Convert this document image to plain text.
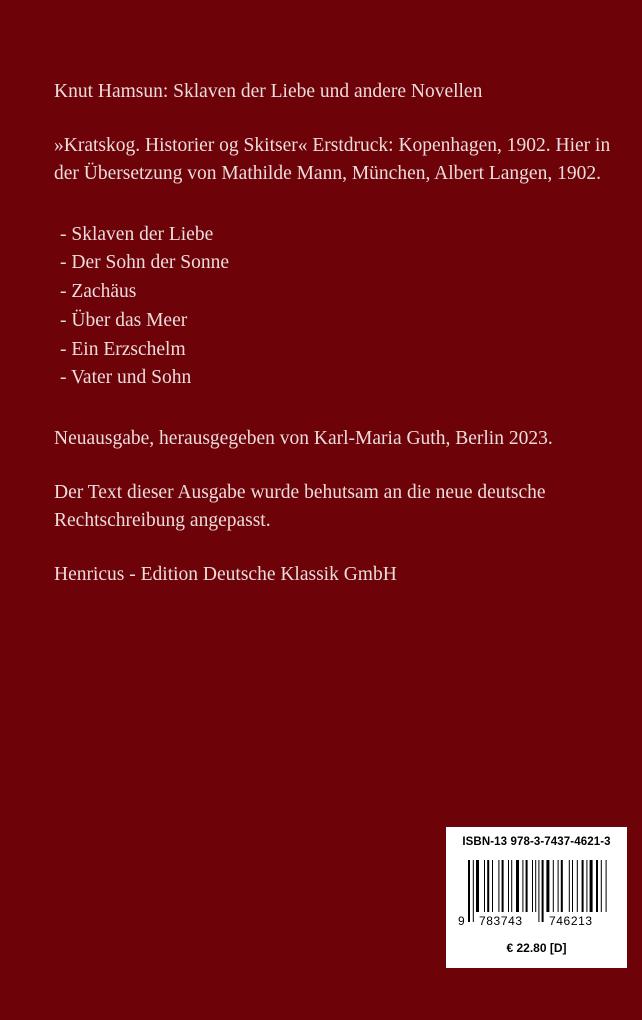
Knut Hamsun: Sklaven der Liebe und andere Novellen

»Kratskog. Historier og Skitser« Erstdruck: Kopenhagen, 1902. Hier in der Übersetzung von Mathilde Mann, München, Albert Langen, 1902.

- Sklaven der Liebe
- Der Sohn der Sonne
- Zachäus
- Über das Meer
- Ein Erzschelm
- Vater und Sohn

Neuausgabe, herausgegeben von Karl-Maria Guth, Berlin 2023.

Der Text dieser Ausgabe wurde behutsam an die neue deutsche Rechtschreibung angepasst.

Henricus - Edition Deutsche Klassik GmbH

ISBN-13 978-3-7437-4621-3
9 783743	746213
€ 22.80 [D]
